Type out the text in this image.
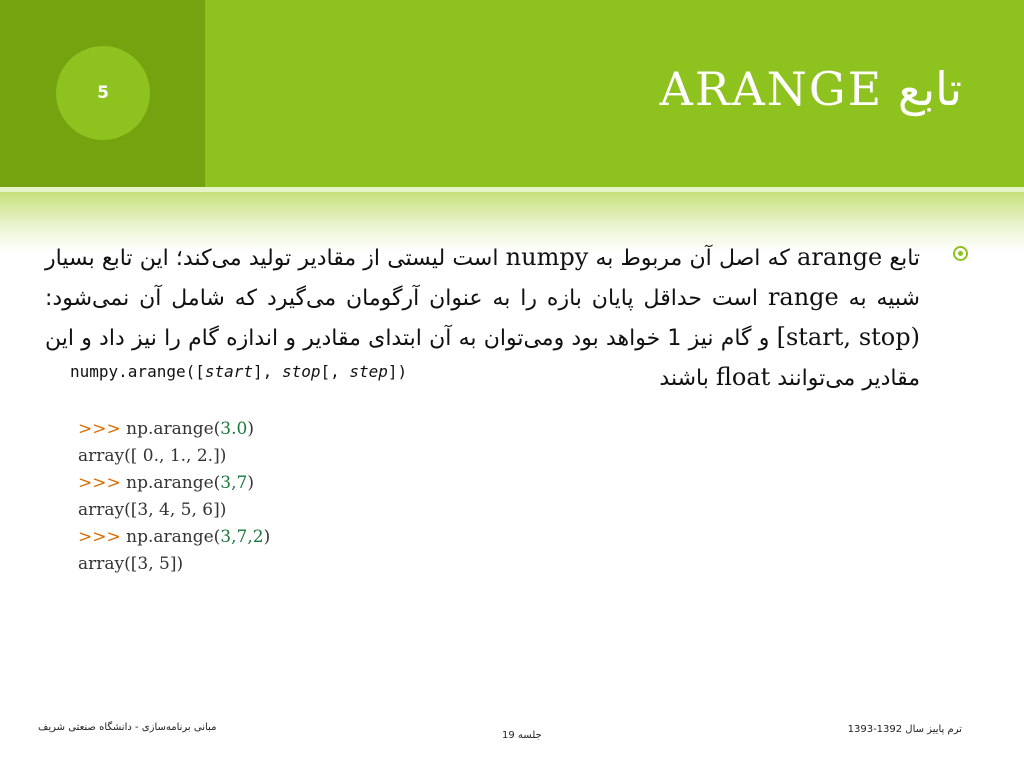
5	تابع ARANGE
تابع arange که اصل آن مربوط به numpy است لیستی از مقادیر تولید می‌کند؛ این تابع بسیار شبیه به range است حداقل پایان بازه را به عنوان آرگومان می‌گیرد که شامل آن نمی‌شود: [start, stop) و گام نیز 1 خواهد بود ومی‌توان به آن ابتدای مقادیر و اندازه گام را نیز داد و این مقادیر می‌توانند float باشند
numpy.arange([start], stop[, step])
>>> np.arange(3.0)
array([ 0., 1., 2.])
>>> np.arange(3,7)
array([3, 4, 5, 6])
>>> np.arange(3,7,2)
array([3, 5])
مبانی برنامه‌سازی - دانشگاه صنعتی شریف
جلسه 19
ترم پاییز سال 1392-1393
